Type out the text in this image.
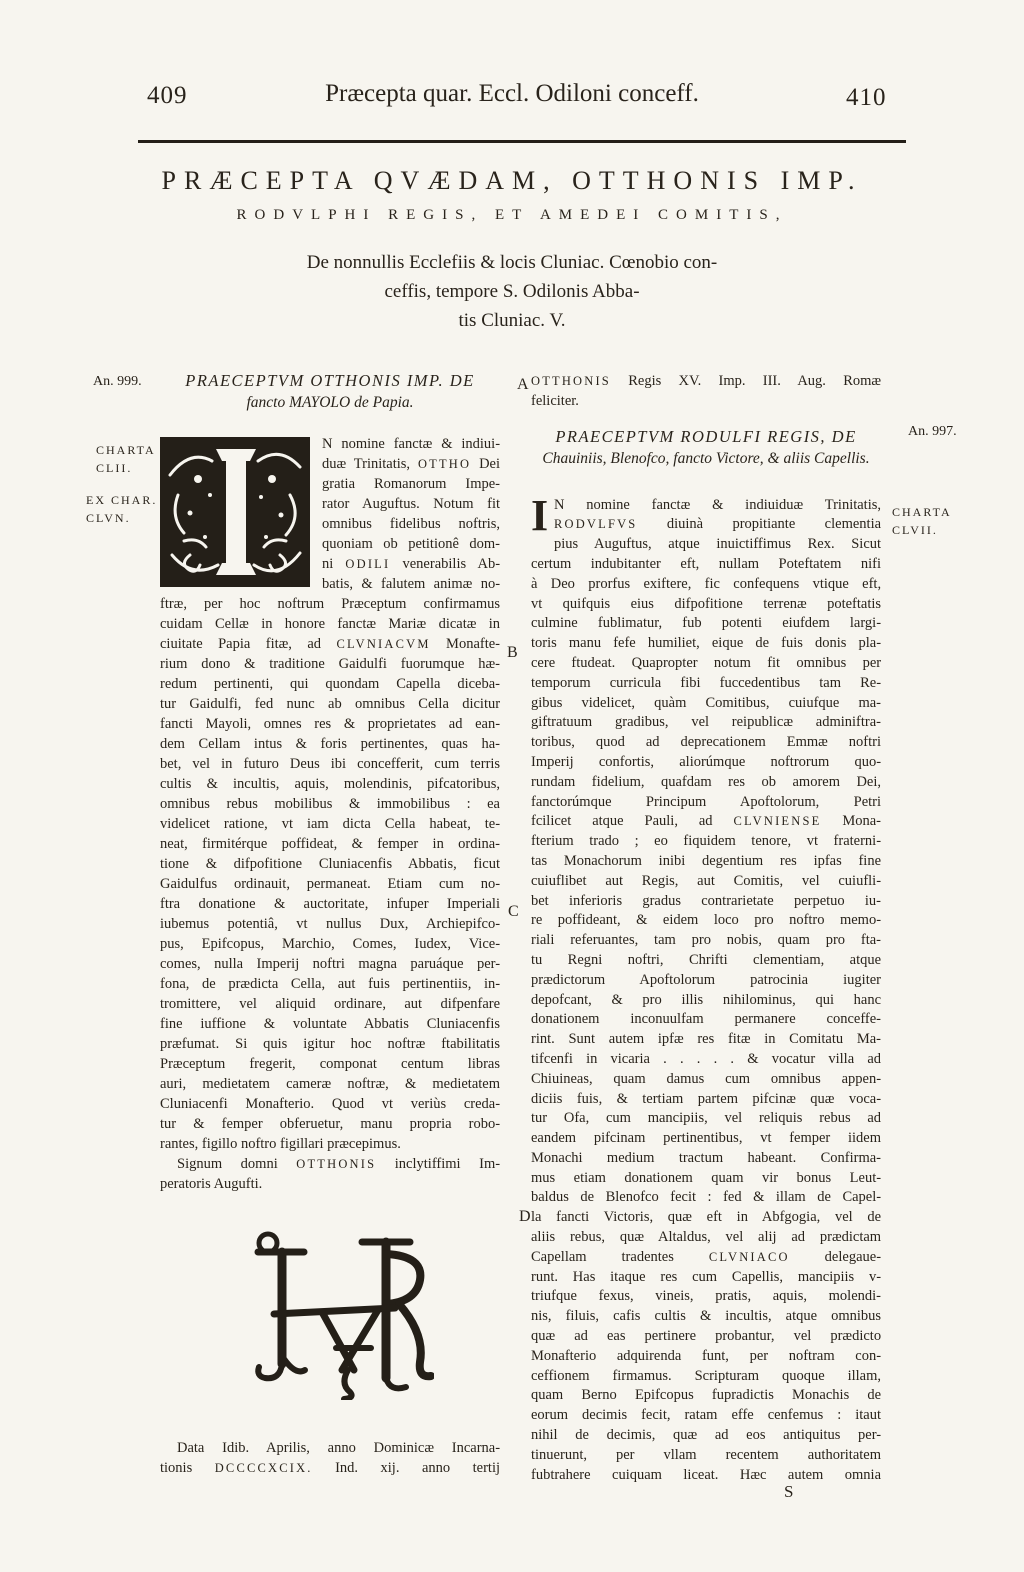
409	Præcepta quar. Eccl. Odiloni conceff.	410
PRÆCEPTA QVÆDAM, OTTHONIS IMP.
RODVLPHI REGIS, ET AMEDEI COMITIS,
De nonnullis Ecclefiis & locis Cluniac. Cœnobio con-
ceffis, tempore S. Odilonis Abba-
tis Cluniac. V.
An. 999.
CHARTA
CLII.
EX CHAR.
CLVN.
An. 997.
CHARTA
CLVII.
A
B
C
D
PRAECEPTVM OTTHONIS IMP. DE
fancto MAYOLO de Papia.
N nomine fanctæ & indiui-
duæ Trinitatis, OTTHO Dei
gratia Romanorum Impe-
rator Auguftus. Notum fit
omnibus fidelibus noftris,
quoniam ob petitionê dom-
ni ODILI venerabilis Ab-
batis, & falutem animæ no-
ftræ, per hoc noftrum Præceptum confirmamus
cuidam Cellæ in honore fanctæ Mariæ dicatæ in
ciuitate Papia fitæ, ad CLVNIACVM Monafte-
rium dono & traditione Gaidulfi fuorumque hæ-
redum pertinenti, qui quondam Capella diceba-
tur Gaidulfi, fed nunc ab omnibus Cella dicitur
fancti Mayoli, omnes res & proprietates ad ean-
dem Cellam intus & foris pertinentes, quas ha-
bet, vel in futuro Deus ibi concefferit, cum terris
cultis & incultis, aquis, molendinis, pifcatoribus,
omnibus rebus mobilibus & immobilibus : ea
videlicet ratione, vt iam dicta Cella habeat, te-
neat, firmitérque poffideat, & femper in ordina-
tione & difpofitione Cluniacenfis Abbatis, ficut
Gaidulfus ordinauit, permaneat. Etiam cum no-
ftra donatione & auctoritate, infuper Imperiali
iubemus potentiâ, vt nullus Dux, Archiepifco-
pus, Epifcopus, Marchio, Comes, Iudex, Vice-
comes, nulla Imperij noftri magna paruáque per-
fona, de prædicta Cella, aut fuis pertinentiis, in-
tromittere, vel aliquid ordinare, aut difpenfare
fine iuffione & voluntate Abbatis Cluniacenfis
præfumat. Si quis igitur hoc noftræ ftabilitatis
Præceptum fregerit, componat centum libras
auri, medietatem cameræ noftræ, & medietatem
Cluniacenfi Monafterio. Quod vt veriùs creda-
tur & femper obferuetur, manu propria robo-
rantes, figillo noftro figillari præcepimus.
Signum domni OTTHONIS inclytiffimi Im-
peratoris Augufti.
Data Idib. Aprilis, anno Dominicæ Incarna-
tionis DCCCCXCIX. Ind. xij. anno tertij
OTTHONIS Regis XV. Imp. III. Aug. Romæ
feliciter.
PRAECEPTVM RODULFI REGIS, DE
Chauiniis, Blenofco, fancto Victore, & aliis Capellis.
I N nomine fanctæ & indiuiduæ Trinitatis,
RODVLFVS diuinà propitiante clementia
pius Auguftus, atque inuictiffimus Rex. Sicut
certum indubitanter eft, nullam Poteftatem nifi
à Deo prorfus exiftere, fic confequens vtique eft,
vt quifquis eius difpofitione terrenæ poteftatis
culmine fublimatur, fub potenti eiufdem largi-
toris manu fefe humiliet, eique de fuis donis pla-
cere ftudeat. Quapropter notum fit omnibus per
temporum curricula fibi fuccedentibus tam Re-
gibus videlicet, quàm Comitibus, cuiufque ma-
giftratuum gradibus, vel reipublicæ adminiftra-
toribus, quod ad deprecationem Emmæ noftri
Imperij confortis, aliorúmque noftrorum quo-
rundam fidelium, quafdam res ob amorem Dei,
fanctorúmque Principum Apoftolorum, Petri
fcilicet atque Pauli, ad CLVNIENSE Mona-
fterium trado ; eo fiquidem tenore, vt fraterni-
tas Monachorum inibi degentium res ipfas fine
cuiuflibet aut Regis, aut Comitis, vel cuiufli-
bet inferioris gradus contrarietate perpetuo iu-
re poffideant, & eidem loco pro noftro memo-
riali referuantes, tam pro nobis, quam pro fta-
tu Regni noftri, Chrifti clementiam, atque
prædictorum Apoftolorum patrocinia iugiter
depofcant, & pro illis nihilominus, qui hanc
donationem inconuulfam permanere conceffe-
rint. Sunt autem ipfæ res fitæ in Comitatu Ma-
tifcenfi in vicaria . . . . . & vocatur villa ad
Chiuineas, quam damus cum omnibus appen-
diciis fuis, & tertiam partem pifcinæ quæ voca-
tur Ofa, cum mancipiis, vel reliquis rebus ad
eandem pifcinam pertinentibus, vt femper iidem
Monachi medium tractum habeant. Confirma-
mus etiam donationem quam vir bonus Leut-
baldus de Blenofco fecit : fed & illam de Capel-
la fancti Victoris, quæ eft in Abfgogia, vel de
aliis rebus, quæ Altaldus, vel alij ad prædictam
Capellam tradentes	CLVNIACO delegaue-
runt. Has itaque res cum Capellis, mancipiis v-
triufque fexus, vineis, pratis, aquis, molendi-
nis, filuis, cafis cultis & incultis, atque omnibus
quæ ad eas pertinere probantur, vel prædicto
Monafterio adquirenda funt, per noftram con-
ceffionem firmamus. Scripturam quoque illam,
quam Berno Epifcopus fupradictis Monachis de
eorum decimis fecit, ratam effe cenfemus : itaut
nihil de decimis, quæ ad eos antiquitus per-
tinuerunt, per vllam recentem authoritatem
fubtrahere cuiquam liceat. Hæc autem omnia
S
